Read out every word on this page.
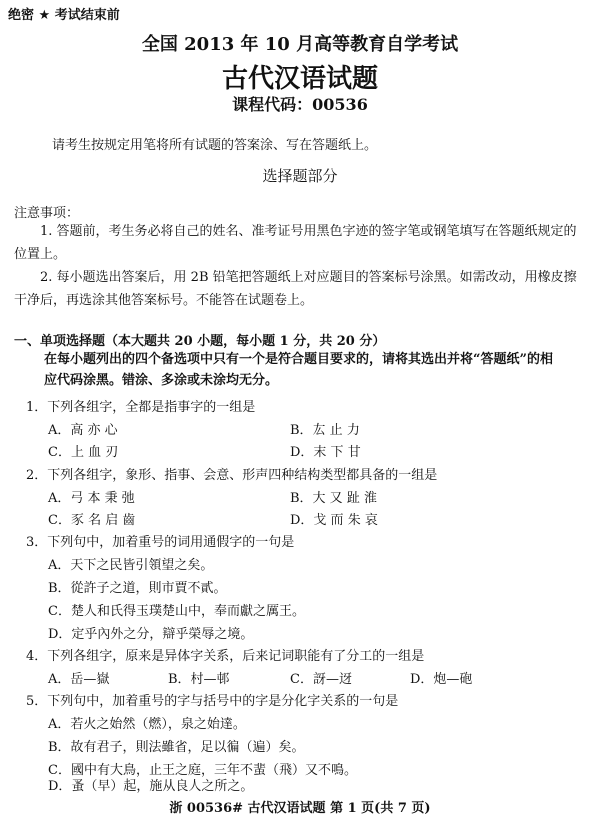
绝密 ★ 考试结束前
全国 2013 年 10 月高等教育自学考试
古代汉语试题
课程代码：00536
请考生按规定用笔将所有试题的答案涂、写在答题纸上。
选择题部分
注意事项：
1. 答题前，考生务必将自己的姓名、准考证号用黑色字迹的签字笔或钢笔填写在答题纸规定的位置上。
2. 每小题选出答案后，用 2B 铅笔把答题纸上对应题目的答案标号涂黑。如需改动，用橡皮擦干净后，再选涂其他答案标号。不能答在试题卷上。
一、单项选择题（本大题共 20 小题，每小题 1 分，共 20 分）
在每小题列出的四个备选项中只有一个是符合题目要求的，请将其选出并将“答题纸”的相应代码涂黑。错涂、多涂或未涂均无分。
1．下列各组字，全都是指事字的一组是
A．高 亦 心	B．厷 止 力
C．上 血 刃	D．末 下 甘
2．下列各组字，象形、指事、会意、形声四种结构类型都具备的一组是
A．弓 本 秉 弛	B．大 又 趾 淮
C．豕 名 启 齒	D．戈 而 朱 哀
3．下列句中，加着重号的词用通假字的一句是
A．天下之民皆引領望之矣。
B．從許子之道，則市賈不貳。
C．楚人和氏得玉璞楚山中，奉而獻之厲王。
D．定乎內外之分，辯乎榮辱之境。
4．下列各组字，原来是异体字关系，后来记词职能有了分工的一组是
A．岳—嶽	B．村—邨	C．訝—迓	D．炮—砲
5．下列句中，加着重号的字与括号中的字是分化字关系的一句是
A．若火之始然（燃），泉之始達。
B．故有君子，則法雖省，足以徧（遍）矣。
C．國中有大鳥，止王之庭，三年不蜚（飛）又不鳴。
D．蚤（早）起，施从良人之所之。
浙 00536# 古代汉语试题 第 1 页(共 7 页)
